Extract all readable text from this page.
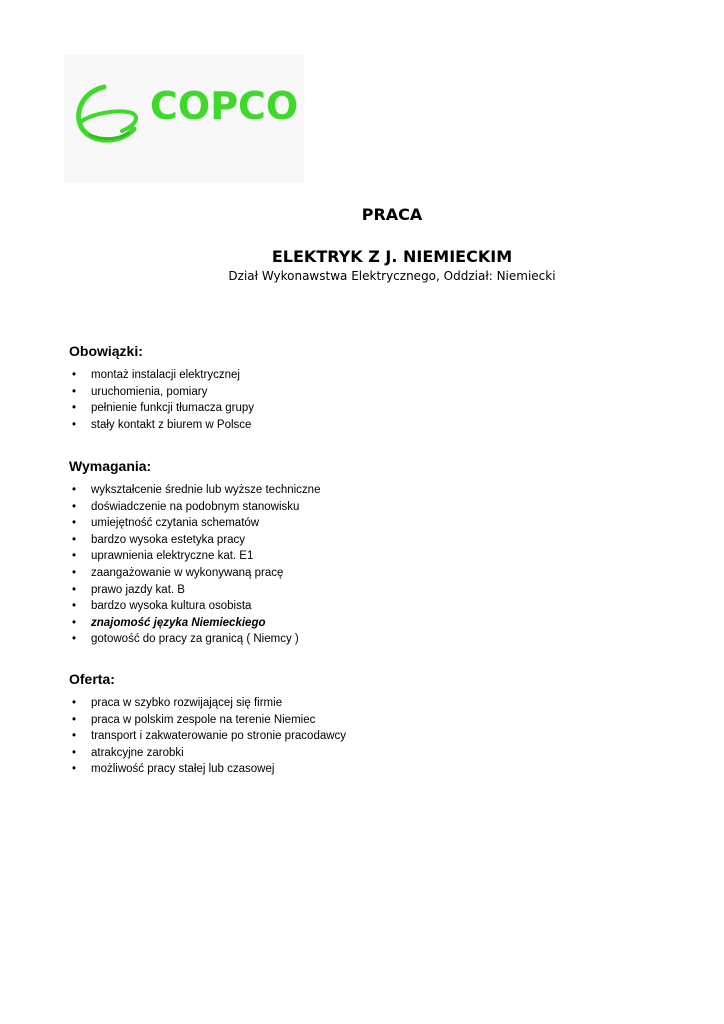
COPCO
PRACA
ELEKTRYK Z J. NIEMIECKIM
Dział Wykonawstwa Elektrycznego, Oddział: Niemiecki
Obowiązki:
• montaż instalacji elektrycznej
• uruchomienia, pomiary
• pełnienie funkcji tłumacza grupy
• stały kontakt z biurem w Polsce
Wymagania:
• wykształcenie średnie lub wyższe techniczne
• doświadczenie na podobnym stanowisku
• umiejętność czytania schematów
• bardzo wysoka estetyka pracy
• uprawnienia elektryczne kat. E1
• zaangażowanie w wykonywaną pracę
• prawo jazdy kat. B
• bardzo wysoka kultura osobista
• znajomość języka Niemieckiego
• gotowość do pracy za granicą ( Niemcy )
Oferta:
• praca w szybko rozwijającej się firmie
• praca w polskim zespole na terenie Niemiec
• transport i zakwaterowanie po stronie pracodawcy
• atrakcyjne zarobki
• możliwość pracy stałej lub czasowej
